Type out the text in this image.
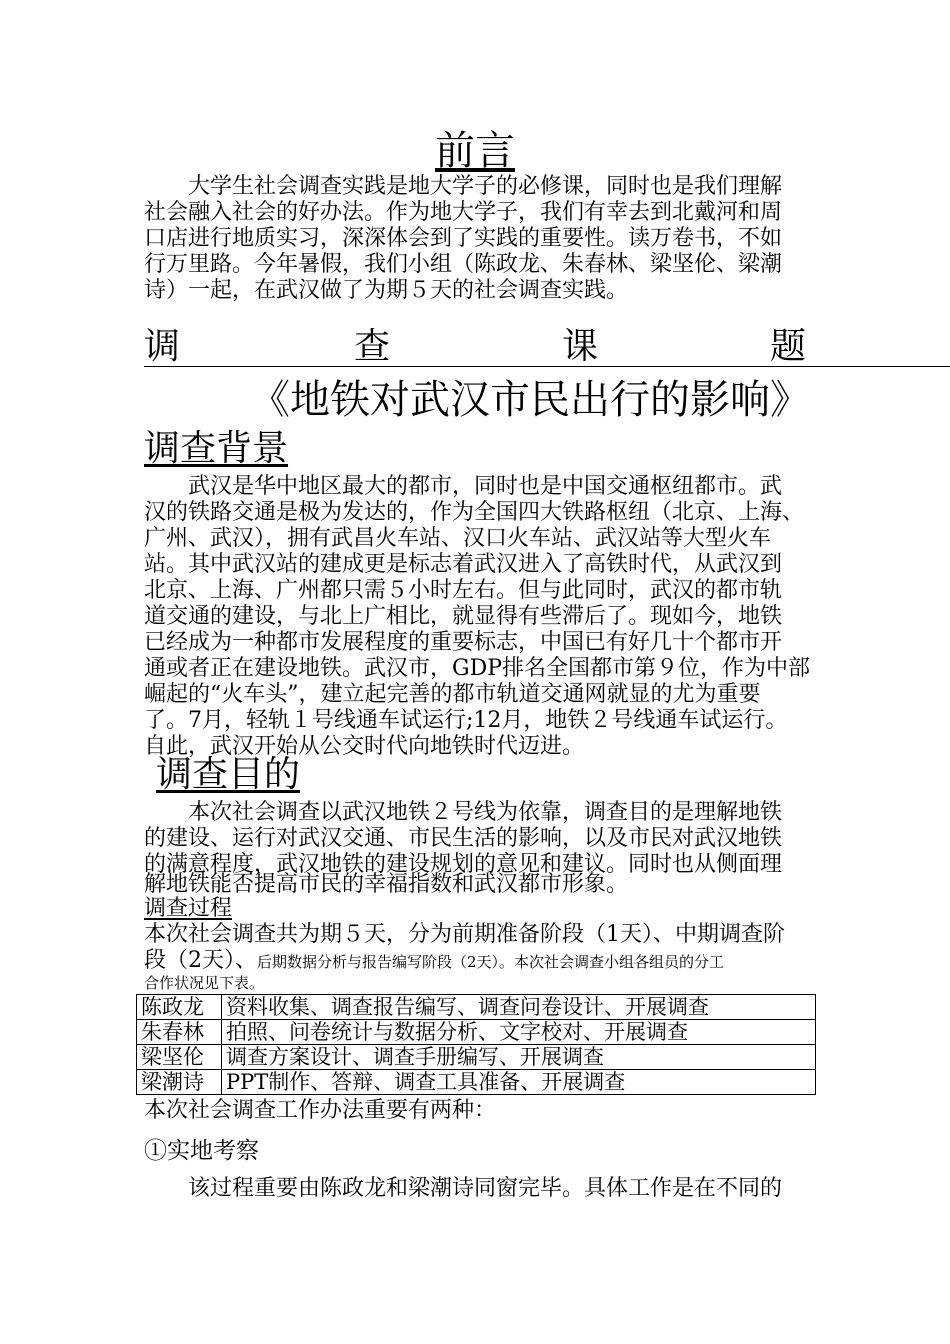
前言
大学生社会调查实践是地大学子的必修课，同时也是我们理解
社会融入社会的好办法。作为地大学子，我们有幸去到北戴河和周
口店进行地质实习，深深体会到了实践的重要性。读万卷书，不如
行万里路。今年暑假，我们小组（陈政龙、朱春林、梁坚伦、梁潮
诗）一起，在武汉做了为期５天的社会调查实践。
调	查	课	题
《地铁对武汉市民出行的影响》
调查背景
武汉是华中地区最大的都市，同时也是中国交通枢纽都市。武
汉的铁路交通是极为发达的，作为全国四大铁路枢纽（北京、上海、
广州、武汉），拥有武昌火车站、汉口火车站、武汉站等大型火车
站。其中武汉站的建成更是标志着武汉进入了高铁时代，从武汉到
北京、上海、广州都只需５小时左右。但与此同时，武汉的都市轨
道交通的建设，与北上广相比，就显得有些滞后了。现如今，地铁
已经成为一种都市发展程度的重要标志，中国已有好几十个都市开
通或者正在建设地铁。武汉市，GDP排名全国都市第９位，作为中部
崛起的“火车头”，建立起完善的都市轨道交通网就显的尤为重要
了。7月，轻轨１号线通车试运行;12月，地铁２号线通车试运行。
自此，武汉开始从公交时代向地铁时代迈进。
调查目的
本次社会调查以武汉地铁２号线为依靠，调查目的是理解地铁
的建设、运行对武汉交通、市民生活的影响，以及市民对武汉地铁
的满意程度，武汉地铁的建设规划的意见和建议。同时也从侧面理
解地铁能否提高市民的幸福指数和武汉都市形象。
调查过程
本次社会调查共为期５天，分为前期准备阶段（1天）、中期调查阶
段（2天）、后期数据分析与报告编写阶段（2天）。本次社会调查小组各组员的分工
合作状况见下表。
陈政龙	资料收集、调查报告编写、调查问卷设计、开展调查
朱春林	拍照、问卷统计与数据分析、文字校对、开展调查
梁坚伦	调查方案设计、调查手册编写、开展调查
梁潮诗	PPT制作、答辩、调查工具准备、开展调查
本次社会调查工作办法重要有两种：
①实地考察
该过程重要由陈政龙和梁潮诗同窗完毕。具体工作是在不同的
